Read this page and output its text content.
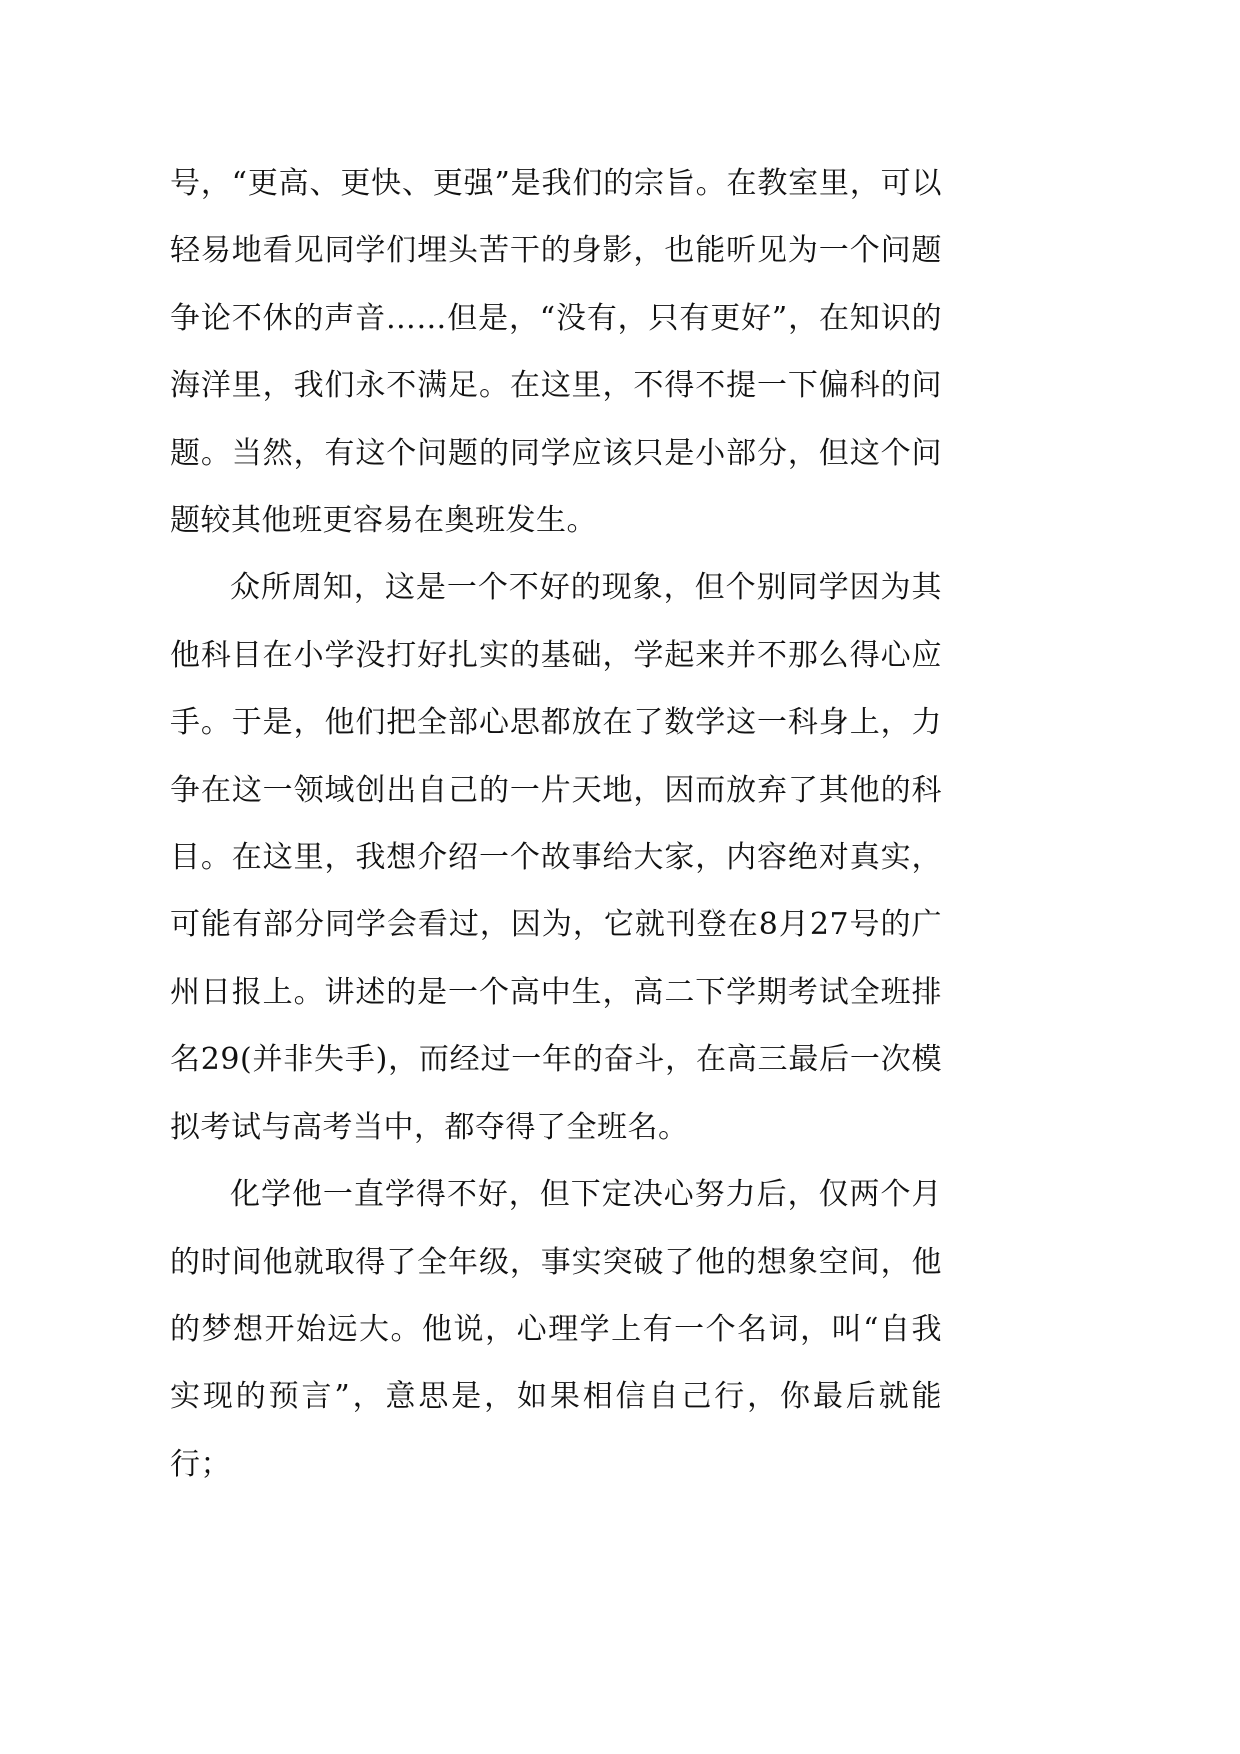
号，“更高、更快、更强”是我们的宗旨。在教室里，可以轻易地看见同学们埋头苦干的身影，也能听见为一个问题争论不休的声音……但是，“没有，只有更好”，在知识的海洋里，我们永不满足。在这里，不得不提一下偏科的问题。当然，有这个问题的同学应该只是小部分，但这个问题较其他班更容易在奥班发生。

众所周知，这是一个不好的现象，但个别同学因为其他科目在小学没打好扎实的基础，学起来并不那么得心应手。于是，他们把全部心思都放在了数学这一科身上，力争在这一领域创出自己的一片天地，因而放弃了其他的科目。在这里，我想介绍一个故事给大家，内容绝对真实，可能有部分同学会看过，因为，它就刊登在8月27号的广州日报上。讲述的是一个高中生，高二下学期考试全班排名29(并非失手)，而经过一年的奋斗，在高三最后一次模拟考试与高考当中，都夺得了全班名。

化学他一直学得不好，但下定决心努力后，仅两个月的时间他就取得了全年级，事实突破了他的想象空间，他的梦想开始远大。他说，心理学上有一个名词，叫“自我实现的预言”，意思是，如果相信自己行，你最后就能行；
